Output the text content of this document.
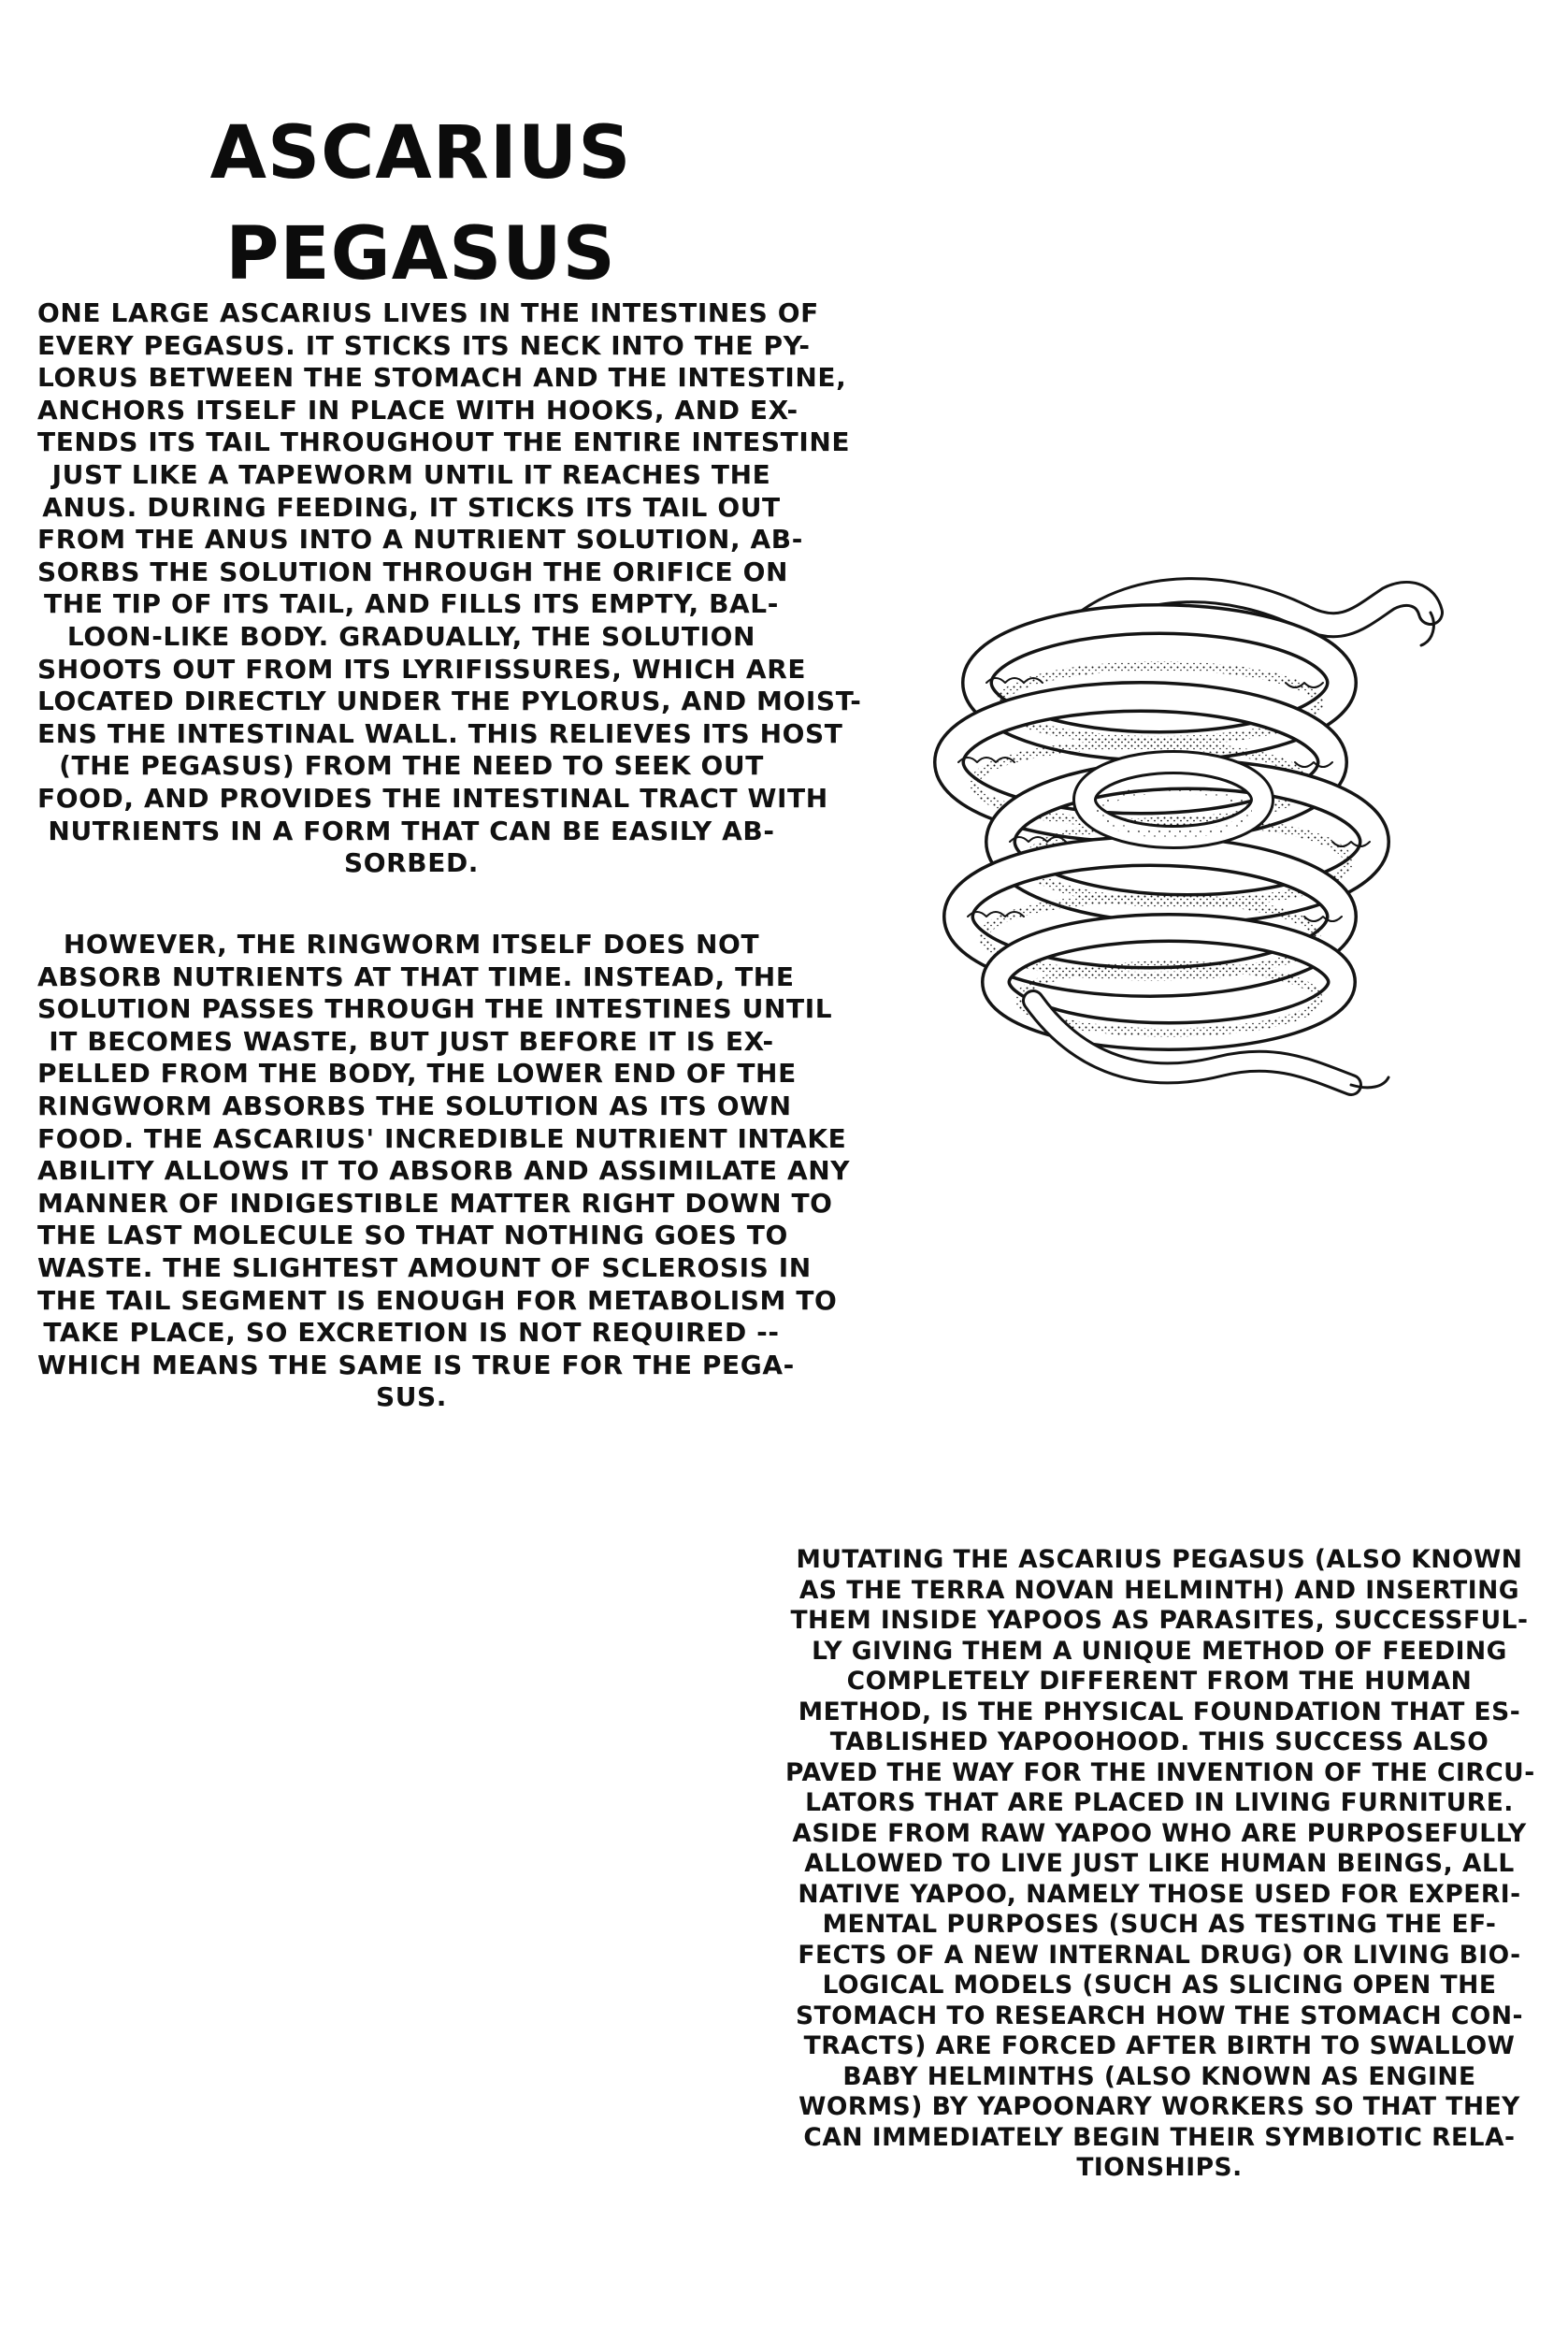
ASCARIUS
PEGASUS
ONE LARGE ASCARIUS LIVES IN THE INTESTINES OF
EVERY PEGASUS. IT STICKS ITS NECK INTO THE PY-
LORUS BETWEEN THE STOMACH AND THE INTESTINE,
ANCHORS ITSELF IN PLACE WITH HOOKS, AND EX-
TENDS ITS TAIL THROUGHOUT THE ENTIRE INTESTINE
JUST LIKE A TAPEWORM UNTIL IT REACHES THE
ANUS. DURING FEEDING, IT STICKS ITS TAIL OUT
FROM THE ANUS INTO A NUTRIENT SOLUTION, AB-
SORBS THE SOLUTION THROUGH THE ORIFICE ON
THE TIP OF ITS TAIL, AND FILLS ITS EMPTY, BAL-
LOON-LIKE BODY. GRADUALLY, THE SOLUTION
SHOOTS OUT FROM ITS LYRIFISSURES, WHICH ARE
LOCATED DIRECTLY UNDER THE PYLORUS, AND MOIST-
ENS THE INTESTINAL WALL. THIS RELIEVES ITS HOST
(THE PEGASUS) FROM THE NEED TO SEEK OUT
FOOD, AND PROVIDES THE INTESTINAL TRACT WITH
NUTRIENTS IN A FORM THAT CAN BE EASILY AB-
SORBED.
HOWEVER, THE RINGWORM ITSELF DOES NOT
ABSORB NUTRIENTS AT THAT TIME. INSTEAD, THE
SOLUTION PASSES THROUGH THE INTESTINES UNTIL
IT BECOMES WASTE, BUT JUST BEFORE IT IS EX-
PELLED FROM THE BODY, THE LOWER END OF THE
RINGWORM ABSORBS THE SOLUTION AS ITS OWN
FOOD. THE ASCARIUS' INCREDIBLE NUTRIENT INTAKE
ABILITY ALLOWS IT TO ABSORB AND ASSIMILATE ANY
MANNER OF INDIGESTIBLE MATTER RIGHT DOWN TO
THE LAST MOLECULE SO THAT NOTHING GOES TO
WASTE. THE SLIGHTEST AMOUNT OF SCLEROSIS IN
THE TAIL SEGMENT IS ENOUGH FOR METABOLISM TO
TAKE PLACE, SO EXCRETION IS NOT REQUIRED --
WHICH MEANS THE SAME IS TRUE FOR THE PEGA-
SUS.
MUTATING THE ASCARIUS PEGASUS (ALSO KNOWN
AS THE TERRA NOVAN HELMINTH) AND INSERTING
THEM INSIDE YAPOOS AS PARASITES, SUCCESSFUL-
LY GIVING THEM A UNIQUE METHOD OF FEEDING
COMPLETELY DIFFERENT FROM THE HUMAN
METHOD, IS THE PHYSICAL FOUNDATION THAT ES-
TABLISHED YAPOOHOOD. THIS SUCCESS ALSO
PAVED THE WAY FOR THE INVENTION OF THE CIRCU-
LATORS THAT ARE PLACED IN LIVING FURNITURE.
ASIDE FROM RAW YAPOO WHO ARE PURPOSEFULLY
ALLOWED TO LIVE JUST LIKE HUMAN BEINGS, ALL
NATIVE YAPOO, NAMELY THOSE USED FOR EXPERI-
MENTAL PURPOSES (SUCH AS TESTING THE EF-
FECTS OF A NEW INTERNAL DRUG) OR LIVING BIO-
LOGICAL MODELS (SUCH AS SLICING OPEN THE
STOMACH TO RESEARCH HOW THE STOMACH CON-
TRACTS) ARE FORCED AFTER BIRTH TO SWALLOW
BABY HELMINTHS (ALSO KNOWN AS ENGINE
WORMS) BY YAPOONARY WORKERS SO THAT THEY
CAN IMMEDIATELY BEGIN THEIR SYMBIOTIC RELA-
TIONSHIPS.
